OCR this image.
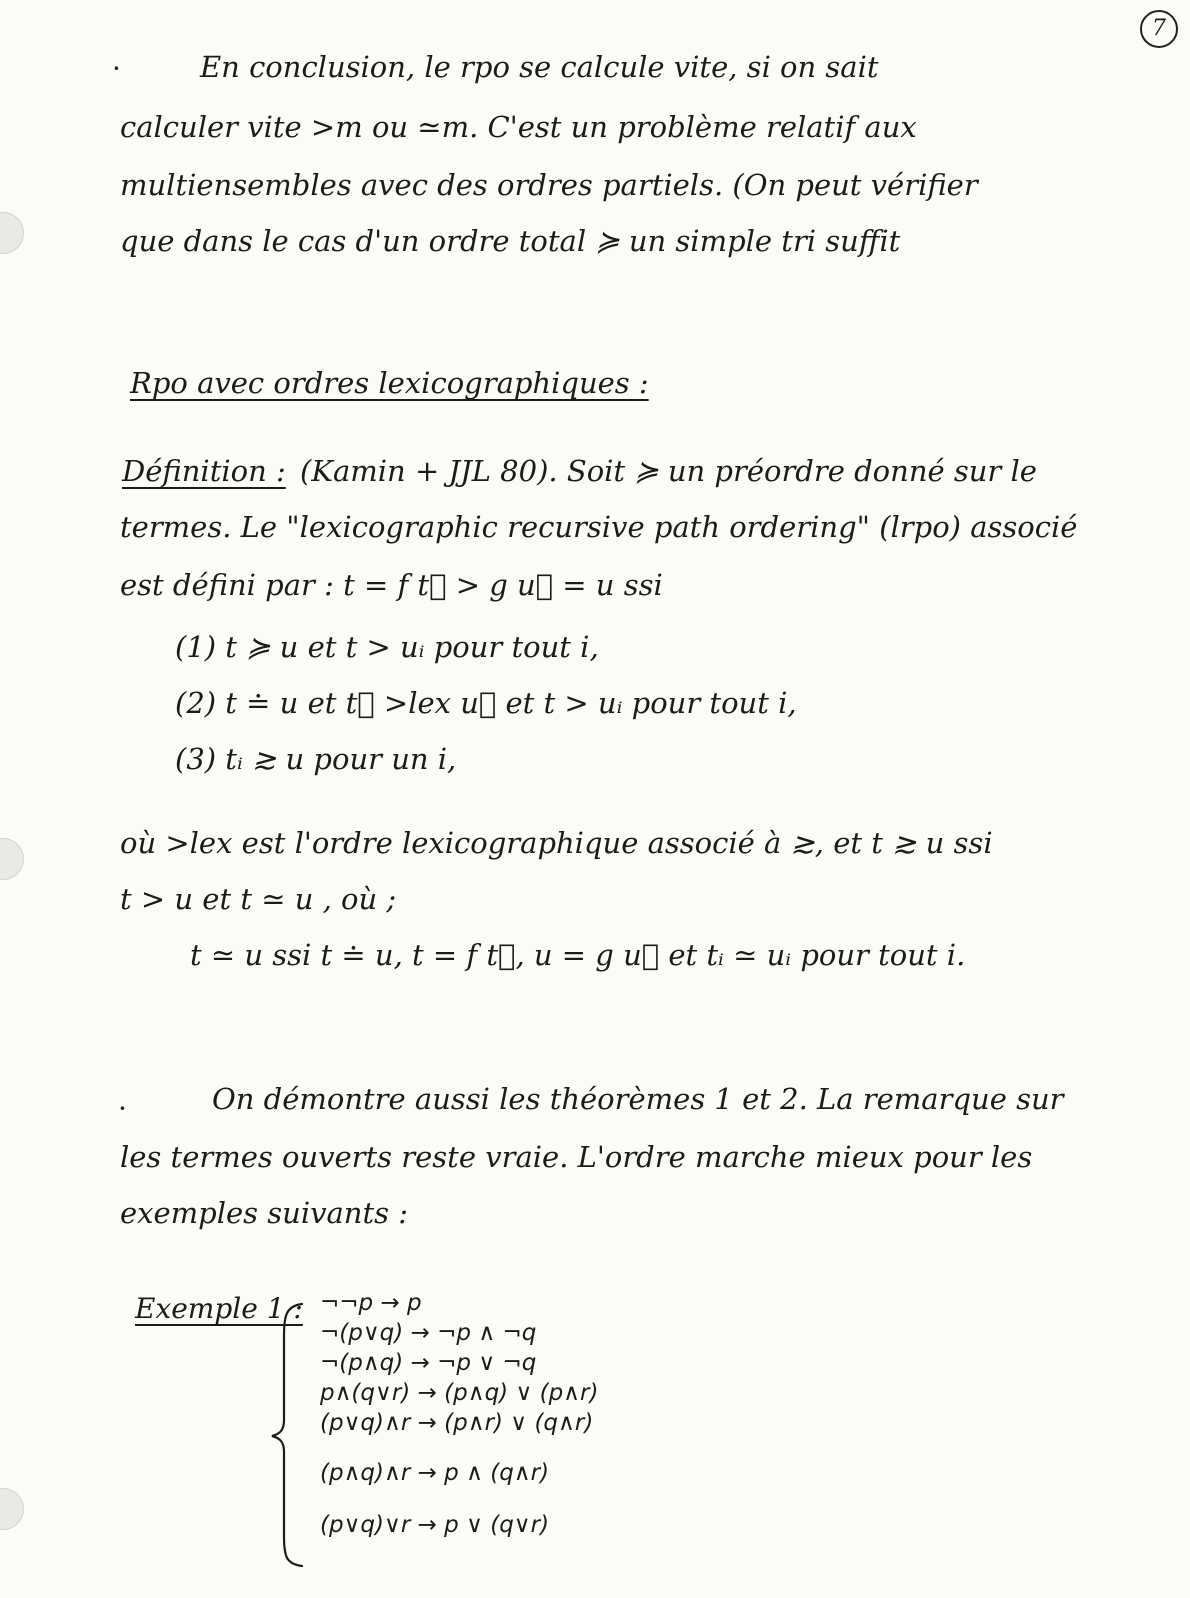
7
·	En conclusion, le rpo se calcule vite, si on sait
calculer vite >m ou ≃m. C'est un problème relatif aux
multiensembles avec des ordres partiels. (On peut vérifier
que dans le cas d'un ordre total ≽ un simple tri suffit
Rpo avec ordres lexicographiques :
Définition : (Kamin + JJL 80). Soit ≽ un préordre donné sur le
termes. Le "lexicographic recursive path ordering" (lrpo) associé
est défini par : t = f t⃗ > g u⃗ = u ssi
(1) t ≽ u et t > uᵢ pour tout i,
(2) t ≐ u et t⃗ >lex u⃗ et t > uᵢ pour tout i,
(3) tᵢ ≳ u pour un i,
où >lex est l'ordre lexicographique associé à ≳, et t ≳ u ssi
t > u et t ≃ u , où ;
t ≃ u ssi t ≐ u, t = f t⃗, u = g u⃗ et tᵢ ≃ uᵢ pour tout i.
·	On démontre aussi les théorèmes 1 et 2. La remarque sur
les termes ouverts reste vraie. L'ordre marche mieux pour les
exemples suivants :
Exemple 1 : ¬¬p → p
¬(p∨q) → ¬p ∧ ¬q
¬(p∧q) → ¬p ∨ ¬q
p∧(q∨r) → (p∧q) ∨ (p∧r)
(p∨q)∧r → (p∧r) ∨ (q∧r)
(p∧q)∧r → p ∧ (q∧r)
(p∨q)∨r → p ∨ (q∨r)
